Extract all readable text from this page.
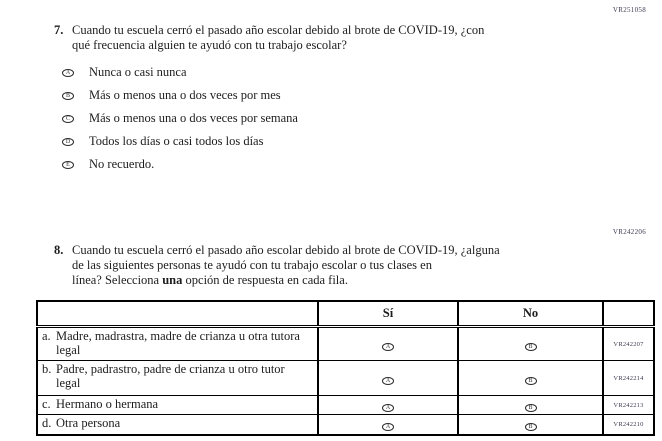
VR251058
7. Cuando tu escuela cerró el pasado año escolar debido al brote de COVID-19, ¿con
qué frecuencia alguien te ayudó con tu trabajo escolar?
A Nunca o casi nunca
B Más o menos una o dos veces por mes
C Más o menos una o dos veces por semana
D Todos los días o casi todos los días
E No recuerdo.
VR242206
8. Cuando tu escuela cerró el pasado año escolar debido al brote de COVID-19, ¿alguna
de las siguientes personas te ayudó con tu trabajo escolar o tus clases en
línea? Selecciona una opción de respuesta en cada fila.
	Sí	No	

a. Madre, madrastra, madre de crianza u otra tutora legal	A	B	VR242207

b. Padre, padrastro, padre de crianza u otro tutor legal	A	B	VR242214

c. Hermano o hermana	A	B	VR242213

d. Otra persona	A	B	VR242210
